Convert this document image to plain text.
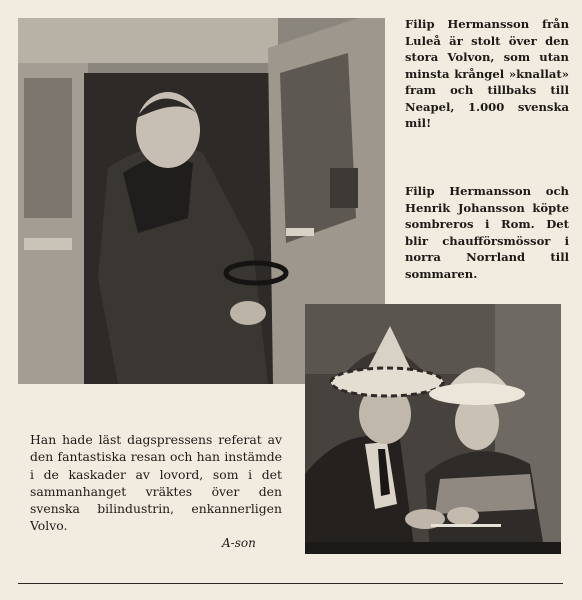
Filip Hermansson från Luleå är stolt över den stora Volvon, som utan minsta krångel »knallat» fram och tillbaks till Neapel, 1.000 svenska mil!

Filip Hermansson och Henrik Johansson köpte sombreros i Rom. Det blir chaufförsmössor i norra Norrland till sommaren.

Han hade läst dagspressens referat av den fantastiska resan och han instämde i de kaskader av lovord, som i det sammanhanget vräktes över den svenska bilindustrin, enkannerligen Volvo.

A-son
